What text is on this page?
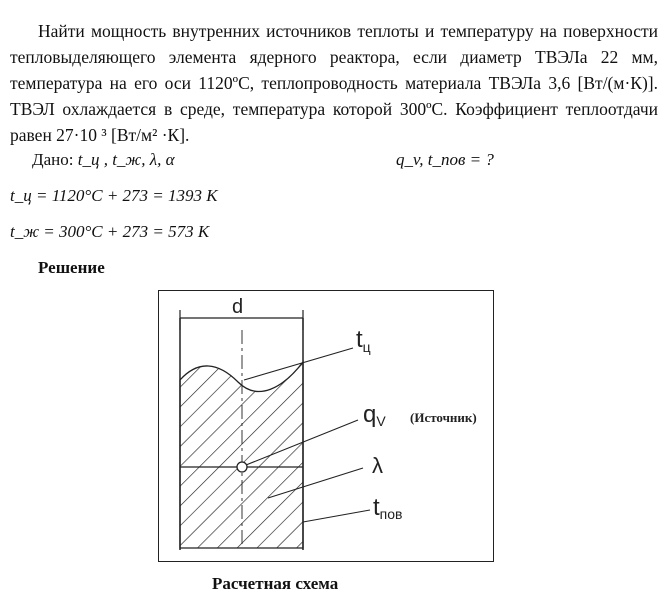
Найти мощность внутренних источников теплоты и температуру на поверхности тепловыделяющего элемента ядерного реактора, если диаметр ТВЭЛа 22 мм, температура на его оси 1120ºС, теплопроводность материала ТВЭЛа 3,6 [Вт/(м·К)]. ТВЭЛ охлаждается в среде, температура которой 300ºС. Коэффициент теплоотдачи равен 27·10 ³ [Вт/м² ·К].

Дано: t_ц , t_ж, λ, α	q_v, t_пов = ?
t_ц = 1120°C + 273 = 1393 К
t_ж = 300°C + 273 = 573 К
Решение
d
$t_ц$
qV (Источник)
λ
tпов
Расчетная схема
